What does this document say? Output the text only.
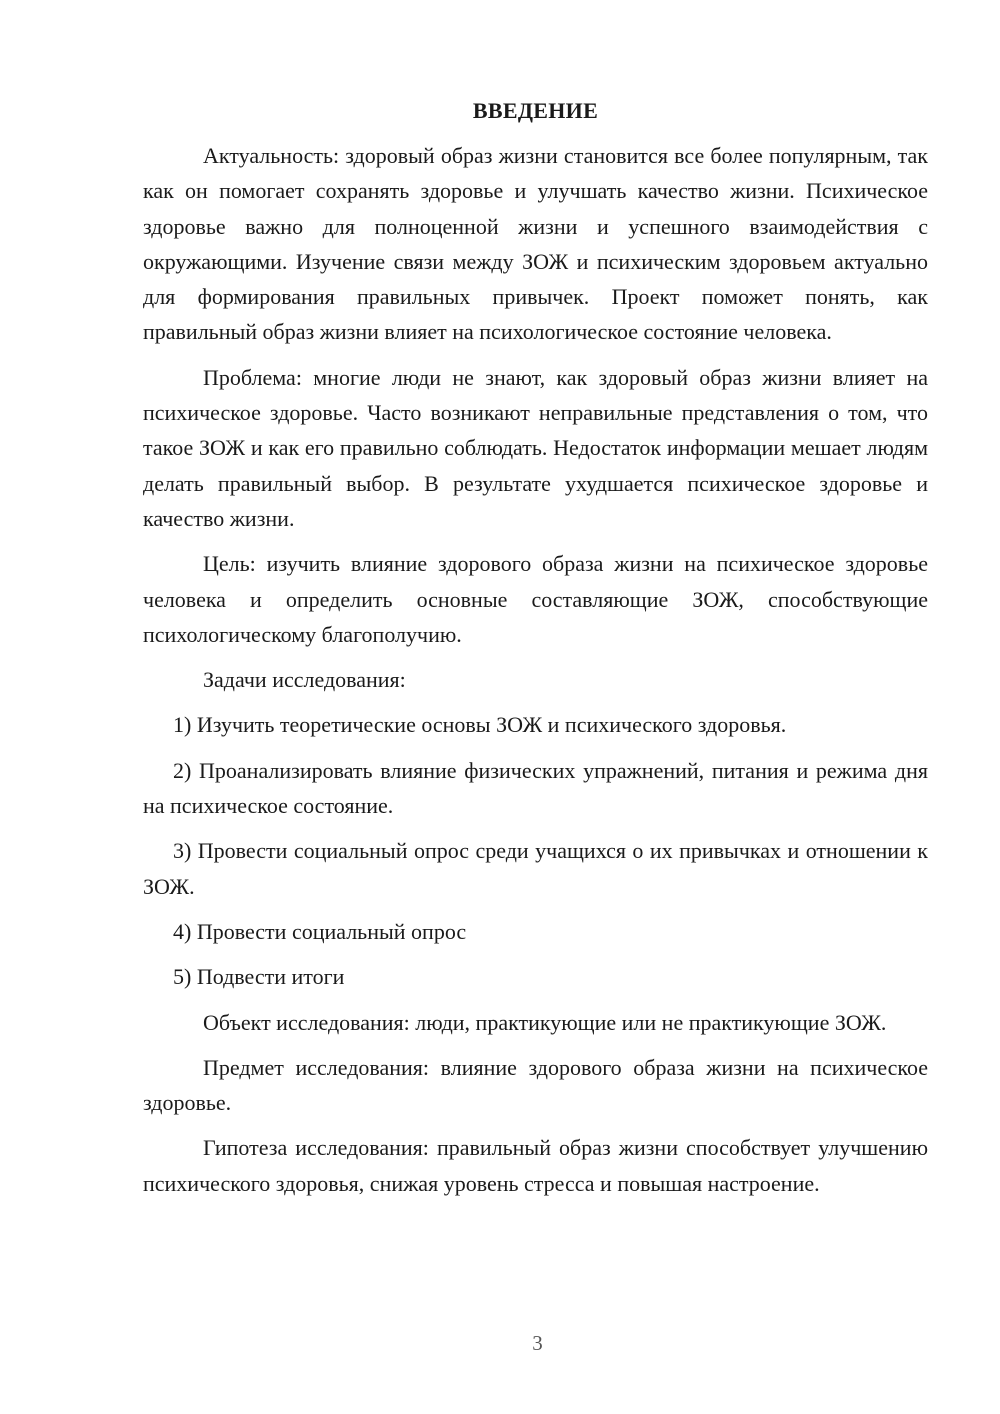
ВВЕДЕНИЕ

Актуальность: здоровый образ жизни становится все более популярным, так как он помогает сохранять здоровье и улучшать качество жизни. Психическое здоровье важно для полноценной жизни и успешного взаимодействия с окружающими. Изучение связи между ЗОЖ и психическим здоровьем актуально для формирования правильных привычек. Проект поможет понять, как правильный образ жизни влияет на психологическое состояние человека.

Проблема: многие люди не знают, как здоровый образ жизни влияет на психическое здоровье. Часто возникают неправильные представления о том, что такое ЗОЖ и как его правильно соблюдать. Недостаток информации мешает людям делать правильный выбор. В результате ухудшается психическое здоровье и качество жизни.

Цель: изучить влияние здорового образа жизни на психическое здоровье человека и определить основные составляющие ЗОЖ, способствующие психологическому благополучию.

Задачи исследования:

1) Изучить теоретические основы ЗОЖ и психического здоровья.

2) Проанализировать влияние физических упражнений, питания и режима дня на психическое состояние.

3) Провести социальный опрос среди учащихся о их привычках и отношении к ЗОЖ.

4) Провести социальный опрос

5) Подвести итоги

Объект исследования: люди, практикующие или не практикующие ЗОЖ.

Предмет исследования: влияние здорового образа жизни на психическое здоровье.

Гипотеза исследования: правильный образ жизни способствует улучшению психического здоровья, снижая уровень стресса и повышая настроение.

3
